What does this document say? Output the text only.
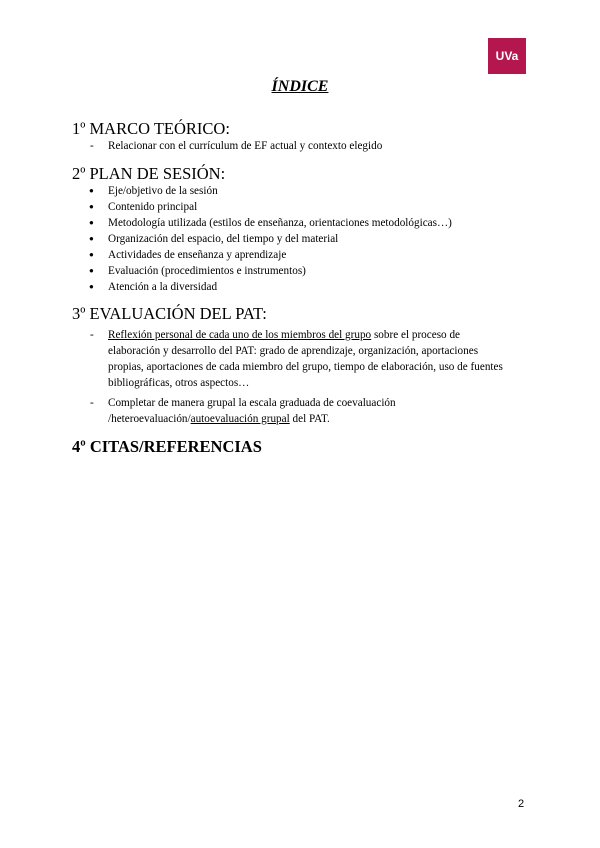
UVa
ÍNDICE
1º MARCO TEÓRICO:
- Relacionar con el currículum de EF actual y contexto elegido
2º PLAN DE SESIÓN:
● Eje/objetivo de la sesión
● Contenido principal
● Metodología utilizada (estilos de enseñanza, orientaciones metodológicas…)
● Organización del espacio, del tiempo y del material
● Actividades de enseñanza y aprendizaje
● Evaluación (procedimientos e instrumentos)
● Atención a la diversidad
3º EVALUACIÓN DEL PAT:
- Reflexión personal de cada uno de los miembros del grupo sobre el proceso de elaboración y desarrollo del PAT: grado de aprendizaje, organización, aportaciones propias, aportaciones de cada miembro del grupo, tiempo de elaboración, uso de fuentes bibliográficas, otros aspectos…
- Completar de manera grupal la escala graduada de coevaluación /heteroevaluación/autoevaluación grupal del PAT.
4º CITAS/REFERENCIAS
2
